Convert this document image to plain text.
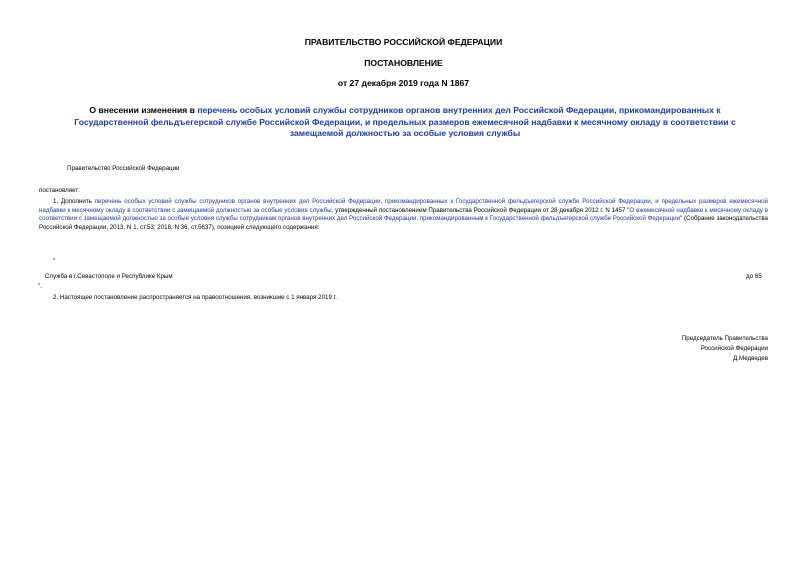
ПРАВИТЕЛЬСТВО РОССИЙСКОЙ ФЕДЕРАЦИИ
ПОСТАНОВЛЕНИЕ
от 27 декабря 2019 года N 1867
О внесении изменения в перечень особых условий службы сотрудников органов внутренних дел Российской Федерации, прикомандированных к Государственной фельдъегерской службе Российской Федерации, и предельных размеров ежемесячной надбавки к месячному окладу в соответствии с замещаемой должностью за особые условия службы
Правительство Российской Федерации
постановляет:
1. Дополнить перечень особых условий службы сотрудников органов внутренних дел Российской Федерации, прикомандированных к Государственной фельдъегерской службе Российской Федерации, и предельных размеров ежемесячной надбавки к месячному окладу в соответствии с замещаемой должностью за особые условия службы, утвержденный постановлением Правительства Российской Федерации от 28 декабря 2012 г. N 1457 "О ежемесячной надбавке к месячному окладу в соответствии с замещаемой должностью за особые условия службы сотрудникам органов внутренних дел Российской Федерации, прикомандированным к Государственной фельдъегерской службе Российской Федерации" (Собрание законодательства Российской Федерации, 2013, N 1, ст.53; 2018, N 36, ст.5637), позицией следующего содержания:
"
Служба в г.Севастополе и Республике Крым	до 65
".
2. Настоящее постановление распространяется на правоотношения, возникшие с 1 января 2019 г.
Председатель Правительства
Российской Федерации
Д.Медведев
